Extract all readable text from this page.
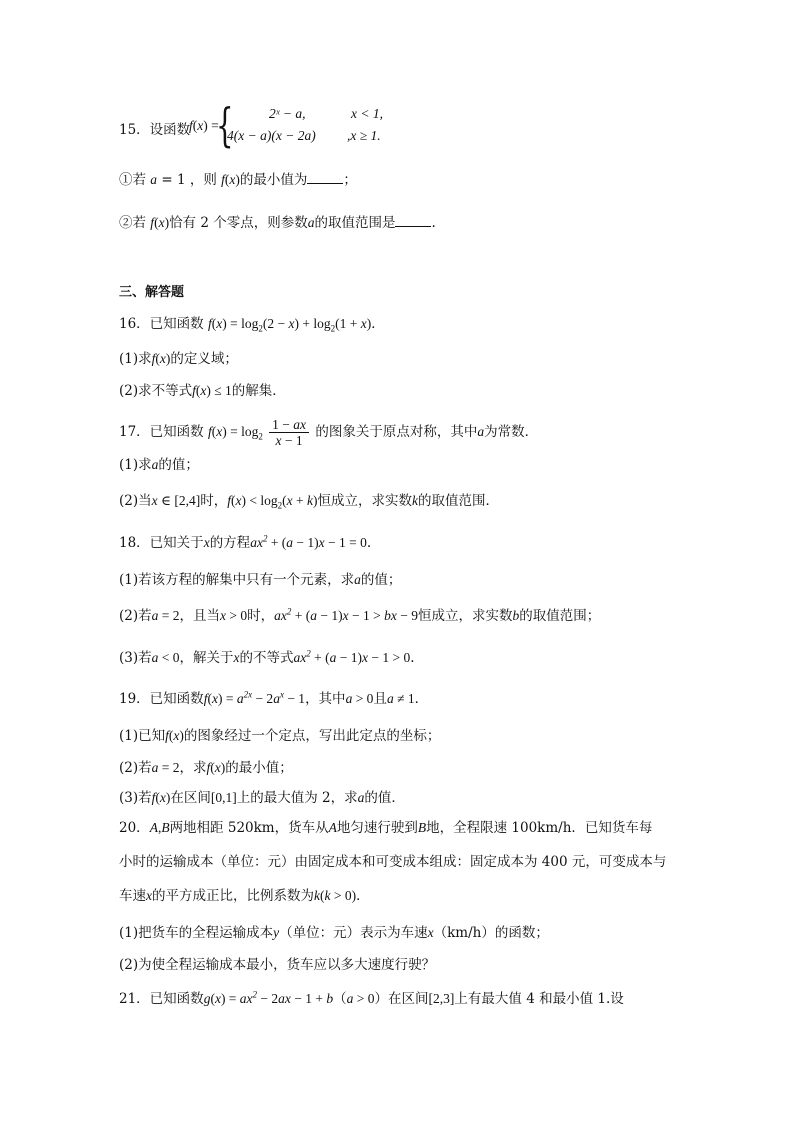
15．设函数
f(x) =
{	2ˣ − a,	x < 1,
4(x − a)(x − 2a) ,x ≥ 1.
①若 a = 1 ，则 f(x)的最小值为	；
②若 f(x)恰有 2 个零点，则参数a的取值范围是	.
三、解答题
16．已知函数 $f(x) = \log_2(2 - x) + \log_2(1 + x)$．
(1)求f(x)的定义域；
(2)求不等式f(x) ≤ 1的解集．
17．已知函数 $f(x) = \log_2 \frac{1 - ax}{x - 1}$ 的图象关于原点对称，其中a为常数．
(1)求a的值；
(2)当x ∈ [2,4]时，$f(x) < \log_2(x + k)$恒成立，求实数k的取值范围．
18．已知关于x的方程$ax^2 + (a - 1)x - 1 = 0$.
(1)若该方程的解集中只有一个元素，求a的值；
(2)若a = 2，且当x > 0时，$ax^2 + (a - 1)x - 1$ > bx − 9恒成立，求实数b的取值范围；
(3)若a < 0，解关于x的不等式$ax^2 + (a - 1)x - 1 > 0$.
19．已知函数$f(x) = a^{2x} - 2a^x - 1$，其中a > 0且a ≠ 1．
(1)已知f(x)的图象经过一个定点，写出此定点的坐标；
(2)若a = 2，求f(x)的最小值；
(3)若f(x)在区间[0,1]上的最大值为 2，求a的值．
20．A,B两地相距 520km，货车从A地匀速行驶到B地，全程限速 100km/h．已知货车每
小时的运输成本（单位：元）由固定成本和可变成本组成：固定成本为 400 元，可变成本与
车速x的平方成正比，比例系数为k(k > 0)．
(1)把货车的全程运输成本y（单位：元）表示为车速x（km/h）的函数；
(2)为使全程运输成本最小，货车应以多大速度行驶？
21．已知函数$g(x) = ax^2 - 2ax - 1 + b(a > 0)$在区间[2,3]上有最大值 4 和最小值 1.设
